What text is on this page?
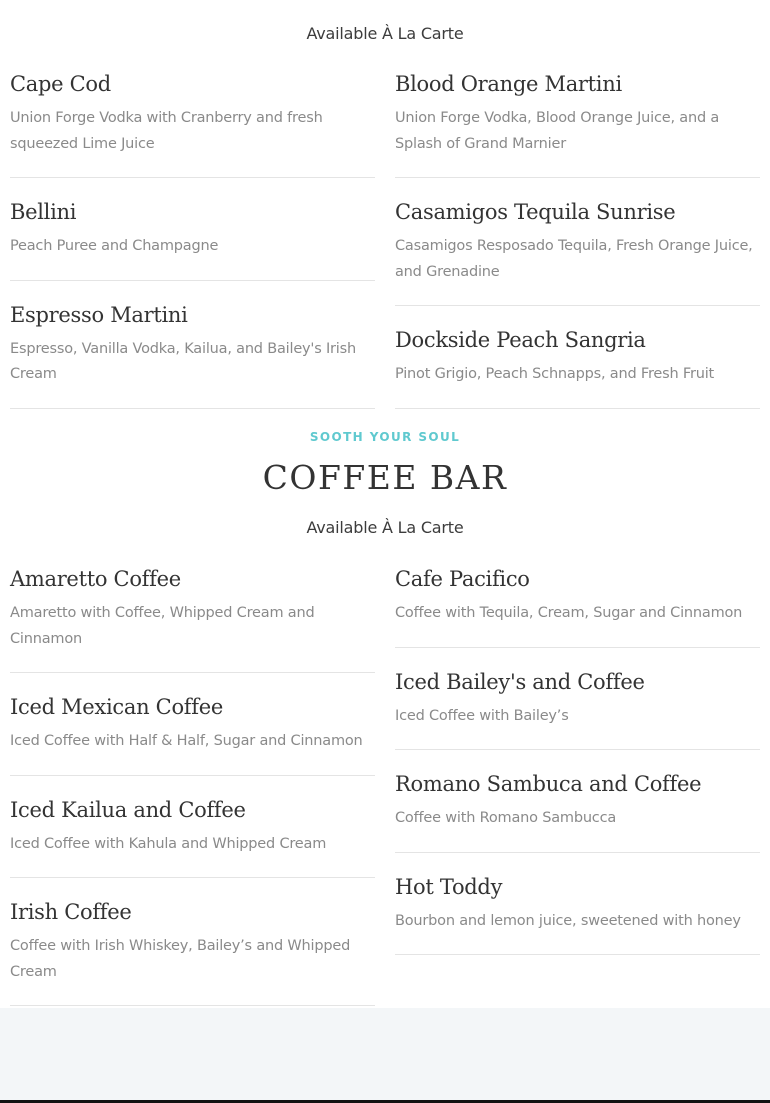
Available À La Carte
Cape Cod
Union Forge Vodka with Cranberry and fresh squeezed Lime Juice
Bellini
Peach Puree and Champagne
Espresso Martini
Espresso, Vanilla Vodka, Kailua, and Bailey's Irish Cream
Blood Orange Martini
Union Forge Vodka, Blood Orange Juice, and a Splash of Grand Marnier
Casamigos Tequila Sunrise
Casamigos Resposado Tequila, Fresh Orange Juice, and Grenadine
Dockside Peach Sangria
Pinot Grigio, Peach Schnapps, and Fresh Fruit
SOOTH YOUR SOUL
COFFEE BAR
Available À La Carte
Amaretto Coffee
Amaretto with Coffee, Whipped Cream and Cinnamon
Iced Mexican Coffee
Iced Coffee with Half & Half, Sugar and Cinnamon
Iced Kailua and Coffee
Iced Coffee with Kahula and Whipped Cream
Irish Coffee
Coffee with Irish Whiskey, Bailey’s and Whipped Cream
Cafe Pacifico
Coffee with Tequila, Cream, Sugar and Cinnamon
Iced Bailey's and Coffee
Iced Coffee with Bailey’s
Romano Sambuca and Coffee
Coffee with Romano Sambucca
Hot Toddy
Bourbon and lemon juice, sweetened with honey
